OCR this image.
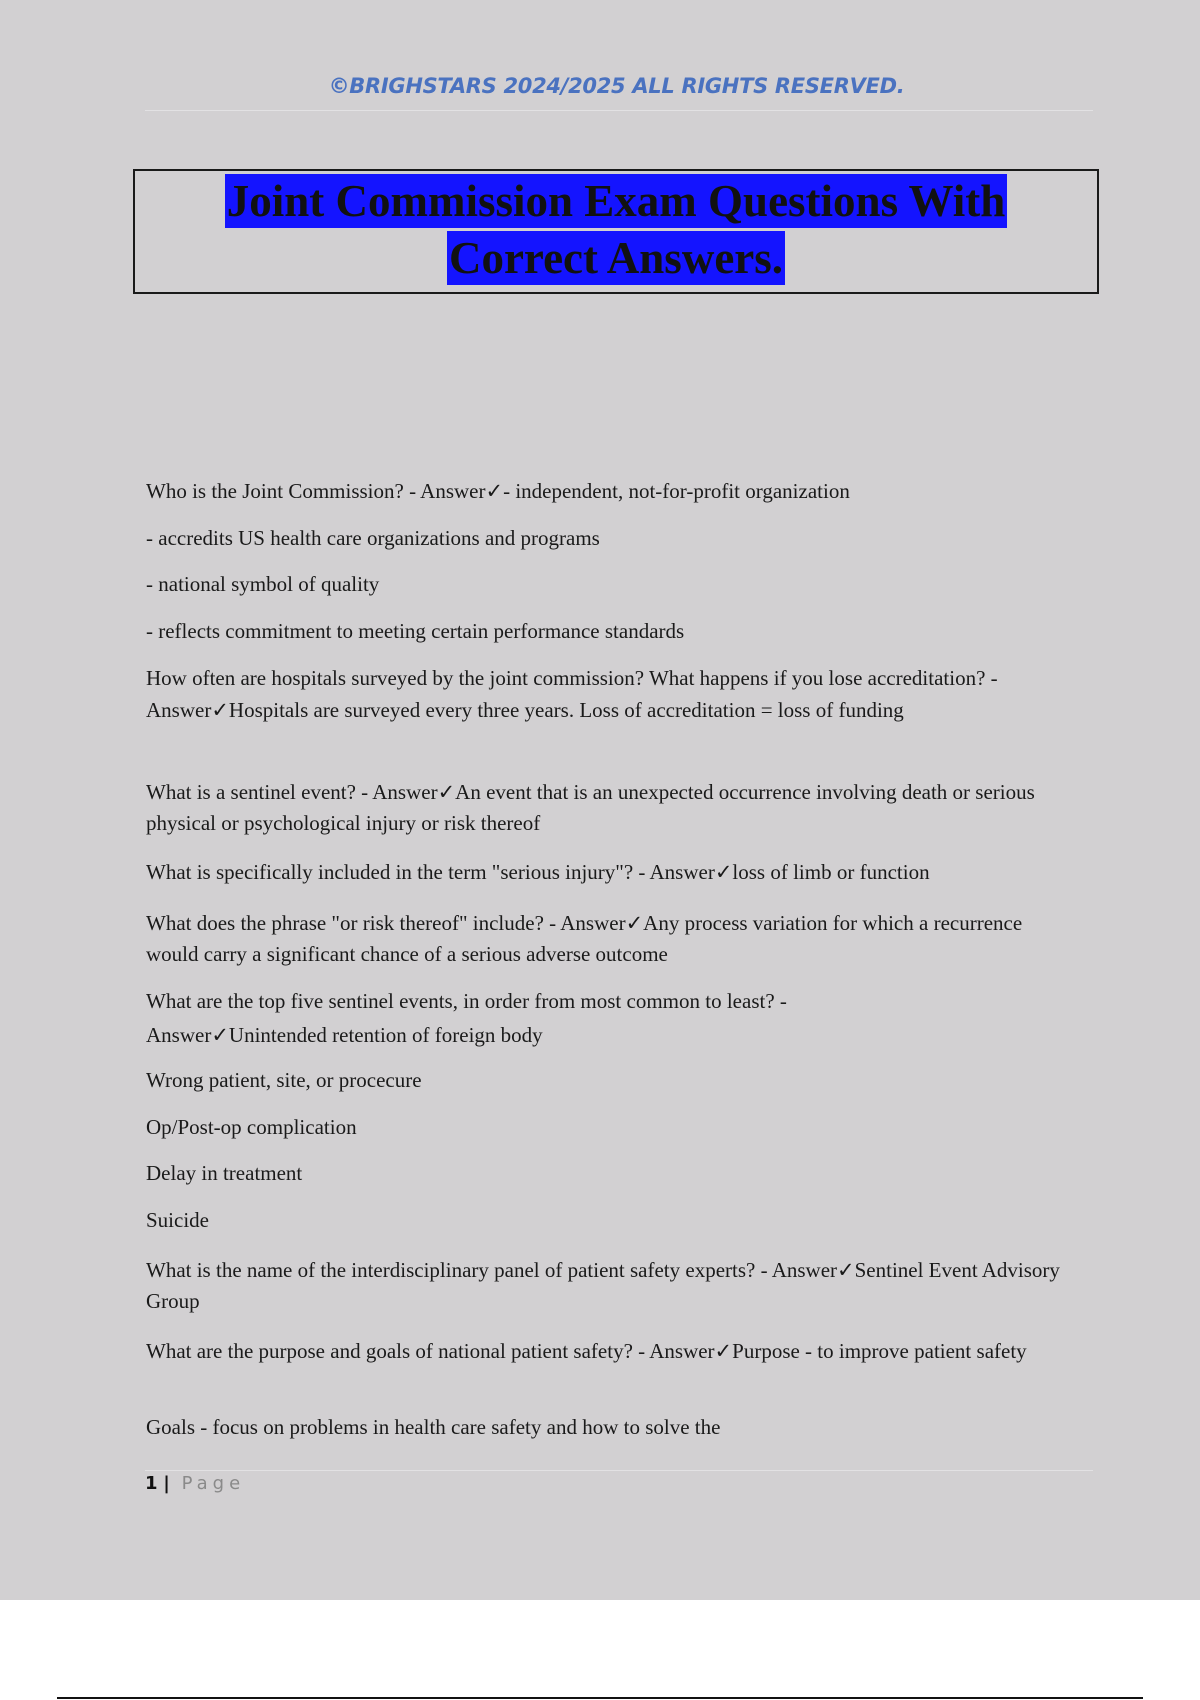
©BRIGHSTARS 2024/2025 ALL RIGHTS RESERVED.
Joint Commission Exam Questions With
Correct Answers.
Who is the Joint Commission? - Answer✓- independent, not-for-profit organization
- accredits US health care organizations and programs
- national symbol of quality
- reflects commitment to meeting certain performance standards
How often are hospitals surveyed by the joint commission? What happens if you lose accreditation? - Answer✓Hospitals are surveyed every three years. Loss of accreditation = loss of funding
What is a sentinel event? - Answer✓An event that is an unexpected occurrence involving death or serious physical or psychological injury or risk thereof
What is specifically included in the term "serious injury"? - Answer✓loss of limb or function
What does the phrase "or risk thereof" include? - Answer✓Any process variation for which a recurrence would carry a significant chance of a serious adverse outcome
What are the top five sentinel events, in order from most common to least? - Answer✓Unintended retention of foreign body
Wrong patient, site, or procecure
Op/Post-op complication
Delay in treatment
Suicide
What is the name of the interdisciplinary panel of patient safety experts? - Answer✓Sentinel Event Advisory Group
What are the purpose and goals of national patient safety? - Answer✓Purpose - to improve patient safety
Goals - focus on problems in health care safety and how to solve the
1 | Page
